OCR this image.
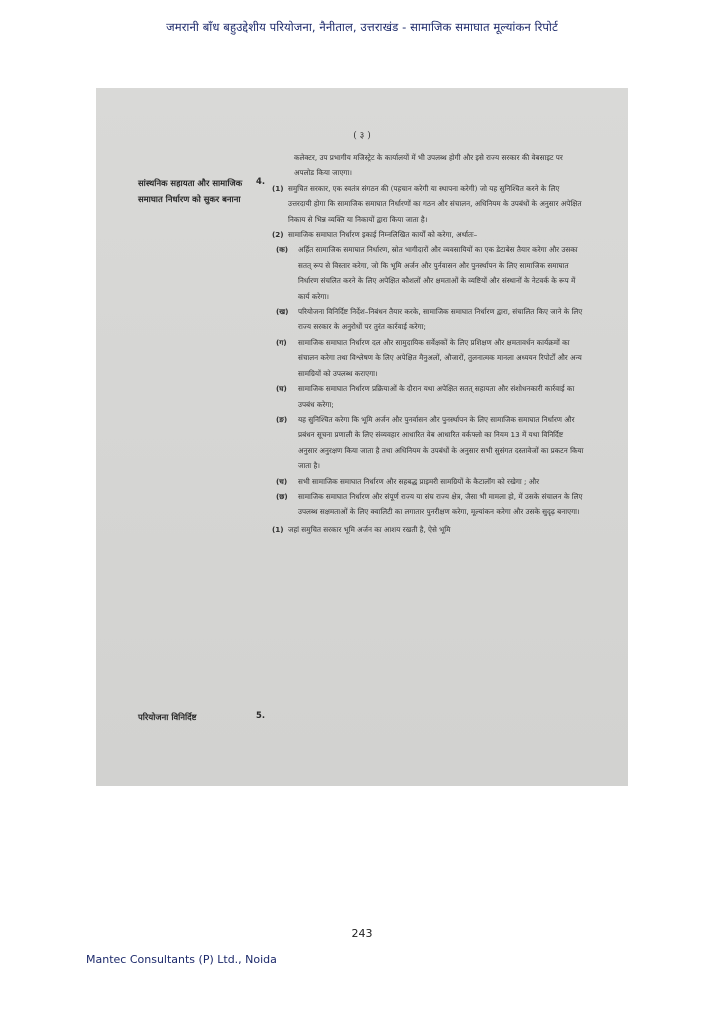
जमरानी बाँध बहुउद्देशीय परियोजना, नैनीताल, उत्तराखंड - सामाजिक समाघात मूल्यांकन रिपोर्ट
( ३ )
सांस्थनिक सहायता और सामाजिक समाघात निर्धारण को सुकर बनाना
4.
परियोजना विनिर्दिष्ट	5.

कलेक्टर, उप प्रभागीय मजिस्ट्रेट के कार्यालयों में भी उपलब्ध होगी और इसे राज्य सरकार की वेबसाइट पर अपलोड किया जाएगा।

(1) समुचित सरकार, एक स्वतंत्र संगठन की (पहचान करेगी या स्थापना करेगी) जो यह सुनिश्चित करने के लिए उत्तरदायी होगा कि सामाजिक समाघात निर्धारणों का गठन और संचालन, अधिनियम के उपबंधों के अनुसार अपेक्षित निकाय से भिन्न व्यक्ति या निकायों द्वारा किया जाता है।

(2) सामाजिक समाघात निर्धारण इकाई निम्नलिखित कार्यों को करेगा, अर्थातः–

(क) अर्हित सामाजिक समाघात निर्धारण, स्रोत भागीदारों और व्यवसायियों का एक डेटाबेस तैयार करेगा और उसका सतत् रूप से विस्तार करेगा, जो कि भूमि अर्जन और पुर्नवासन और पुनर्स्थापन के लिए सामाजिक समाघात निर्धारण संचलित करने के लिए अपेक्षित कौशलों और क्षमताओं के व्यष्टियों और संस्थानों के नेटवर्क के रूप में कार्य करेगा।

(ख) परियोजना विनिर्दिष्ट निर्देश–निबंधन तैयार करके, सामाजिक समाघात निर्धारण द्वारा, संचालित किए जाने के लिए राज्य सरकार के अनुरोधों पर तुरंत कार्रवाई करेगा;

(ग) सामाजिक समाघात निर्धारण दल और सामुदायिक सर्वेक्षकों के लिए प्रशिक्षण और क्षमतावर्धन कार्यक्रमों का संचालन करेगा तथा विश्लेषण के लिए अपेक्षित मैनुअलों, औजारों, तुलनात्मक मानला अध्ययन रिपोर्टों और अन्य सामग्रियों को उपलब्ध कराएगा।

(घ) सामाजिक समाघात निर्धारण प्रक्रियाओं के दौरान यथा अपेक्षित सतत् सहायता और संशोधनकारी कार्रवाई का उपबंध करेगा;

(ङ) यह सुनिश्चित करेगा कि भूमि अर्जन और पुनर्वासन और पुनर्स्थापन के लिए सामाजिक समाघात निर्धारण और प्रबंधन सूचना प्रणाली के लिए संव्यवहार आधारित वेब आधारित वर्कफ्लो का नियम 13 में यथा विनिर्दिष्ट अनुसार अनुरक्षण किया जाता है तथा अधिनियम के उपबंधों के अनुसार सभी सुसंगत दस्तावेजों का प्रकटन किया जाता है।

(च) सभी सामाजिक समाघात निर्धारण और सहबद्ध प्राइमरी सामग्रियों के कैटालॉग को रखेगा ; और

(छ) सामाजिक समाघात निर्धारण और संपूर्ण राज्य या संघ राज्य क्षेत्र, जैसा भी मामला हो, में उसके संचालन के लिए उपलब्ध सक्षमताओं के लिए क्वालिटी का लगातार पुनरीक्षण करेगा, मूल्यांकन करेगा और उसके सुदृढ़ बनाएगा।

(1) जहां समुचित सरकार भूमि अर्जन का आशय रखती है, ऐसे भूमि

243
Mantec Consultants (P) Ltd., Noida
